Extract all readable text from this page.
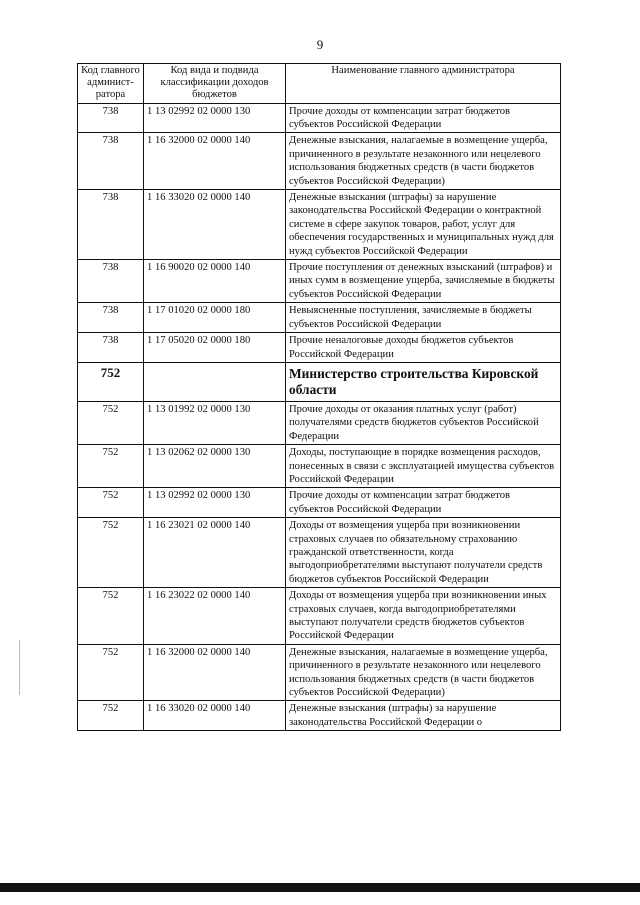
9
Код главного админист-ратора	Код вида и подвида классификации доходов бюджетов	Наименование главного администратора
738	1 13 02992 02 0000 130	Прочие доходы от компенсации затрат бюджетов субъектов Российской Федерации
738	1 16 32000 02 0000 140	Денежные взыскания, налагаемые в возмещение ущерба, причиненного в результате незаконного или нецелевого использования бюджетных средств (в части бюджетов субъектов Российской Федерации)
738	1 16 33020 02 0000 140	Денежные взыскания (штрафы) за нарушение законодательства Российской Федерации о контрактной системе в сфере закупок товаров, работ, услуг для обеспечения государственных и муниципальных нужд для нужд субъектов Российской Федерации
738	1 16 90020 02 0000 140	Прочие поступления от денежных взысканий (штрафов) и иных сумм в возмещение ущерба, зачисляемые в бюджеты субъектов Российской Федерации
738	1 17 01020 02 0000 180	Невыясненные поступления, зачисляемые в бюджеты субъектов Российской Федерации
738	1 17 05020 02 0000 180	Прочие неналоговые доходы бюджетов субъектов Российской Федерации
752		Министерство строительства Кировской области
752	1 13 01992 02 0000 130	Прочие доходы от оказания платных услуг (работ) получателями средств бюджетов субъектов Российской Федерации
752	1 13 02062 02 0000 130	Доходы, поступающие в порядке возмещения расходов, понесенных в связи с эксплуатацией имущества субъектов Российской Федерации
752	1 13 02992 02 0000 130	Прочие доходы от компенсации затрат бюджетов субъектов Российской Федерации
752	1 16 23021 02 0000 140	Доходы от возмещения ущерба при возникновении страховых случаев по обязательному страхованию гражданской ответственности, когда выгодоприобретателями выступают получатели средств бюджетов субъектов Российской Федерации
752	1 16 23022 02 0000 140	Доходы от возмещения ущерба при возникновении иных страховых случаев, когда выгодоприобретателями выступают получатели средств бюджетов субъектов Российской Федерации
752	1 16 32000 02 0000 140	Денежные взыскания, налагаемые в возмещение ущерба, причиненного в результате незаконного или нецелевого использования бюджетных средств (в части бюджетов субъектов Российской Федерации)
752	1 16 33020 02 0000 140	Денежные взыскания (штрафы) за нарушение законодательства Российской Федерации о
